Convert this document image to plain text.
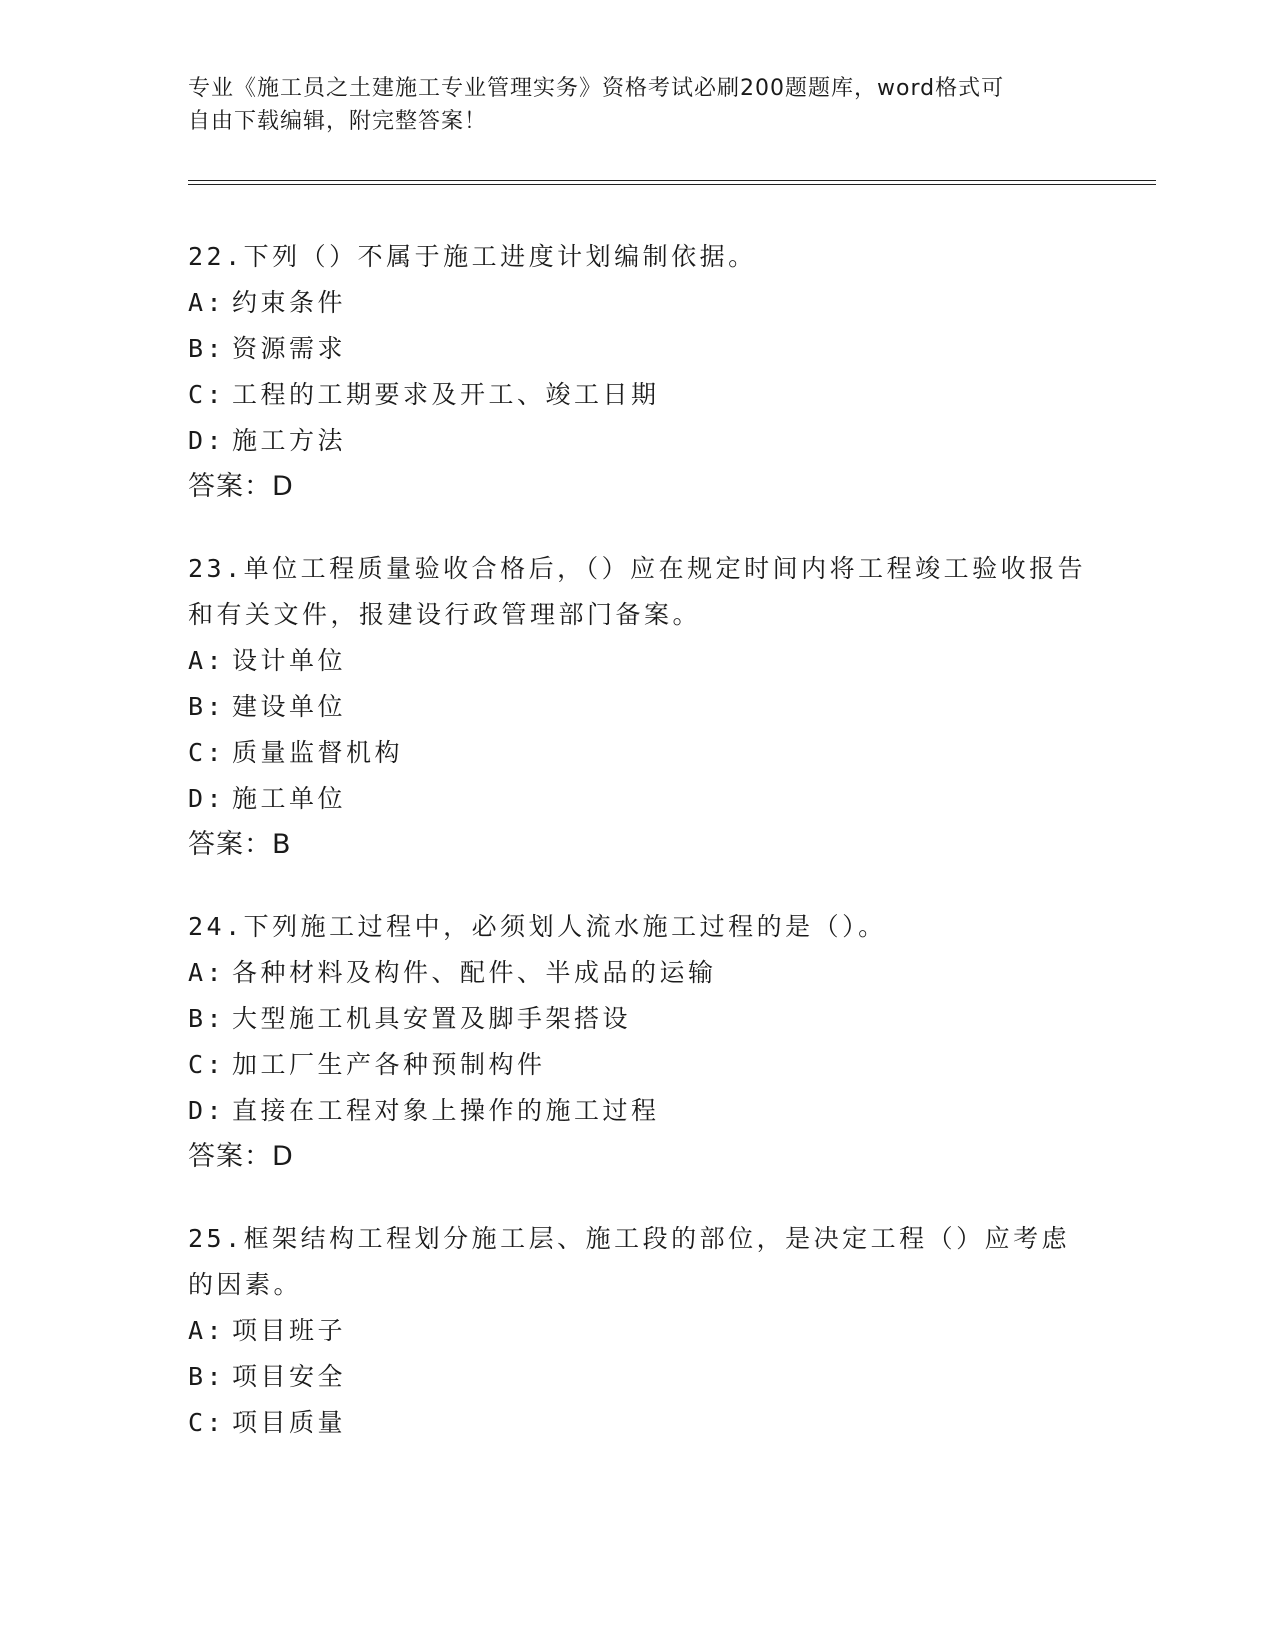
专业《施工员之土建施工专业管理实务》资格考试必刷200题题库，word格式可
自由下载编辑，附完整答案！

22.下列（）不属于施工进度计划编制依据。

A: 约束条件

B: 资源需求

C: 工程的工期要求及开工、竣工日期

D: 施工方法

答案：D

23.单位工程质量验收合格后，（）应在规定时间内将工程竣工验收报告和有关文件，报建设行政管理部门备案。

A: 设计单位

B: 建设单位

C: 质量监督机构

D: 施工单位

答案：B

24.下列施工过程中，必须划人流水施工过程的是（）。

A: 各种材料及构件、配件、半成品的运输

B: 大型施工机具安置及脚手架搭设

C: 加工厂生产各种预制构件

D: 直接在工程对象上操作的施工过程

答案：D

25.框架结构工程划分施工层、施工段的部位，是决定工程（）应考虑的因素。

A: 项目班子

B: 项目安全

C: 项目质量
